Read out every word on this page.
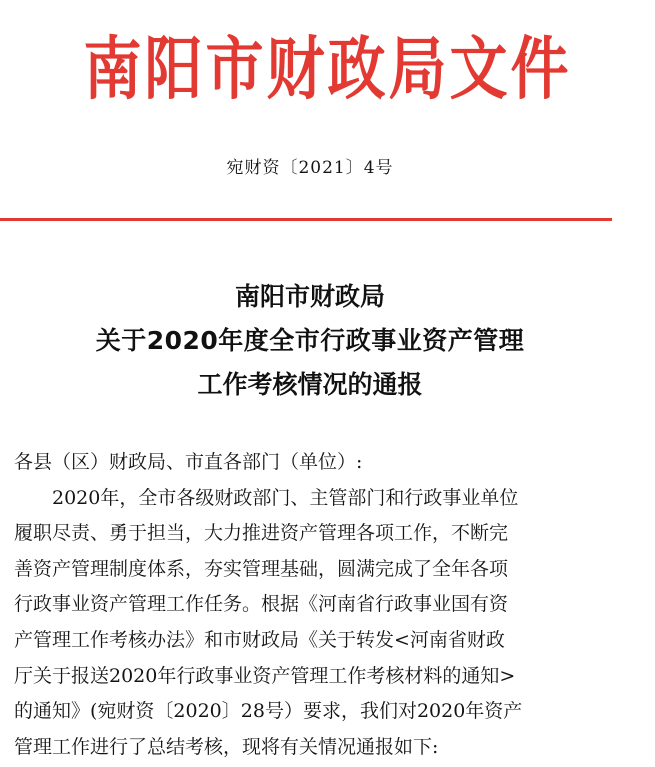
南阳市财政局文件
宛财资〔2021〕4号
南阳市财政局
关于2020年度全市行政事业资产管理
工作考核情况的通报
各县（区）财政局、市直各部门（单位）:
2020年，全市各级财政部门、主管部门和行政事业单位
履职尽责、勇于担当，大力推进资产管理各项工作，不断完
善资产管理制度体系，夯实管理基础，圆满完成了全年各项
行政事业资产管理工作任务。根据《河南省行政事业国有资
产管理工作考核办法》和市财政局《关于转发<河南省财政
厅关于报送2020年行政事业资产管理工作考核材料的通知>
的通知》(宛财资〔2020〕28号）要求，我们对2020年资产
管理工作进行了总结考核，现将有关情况通报如下:
